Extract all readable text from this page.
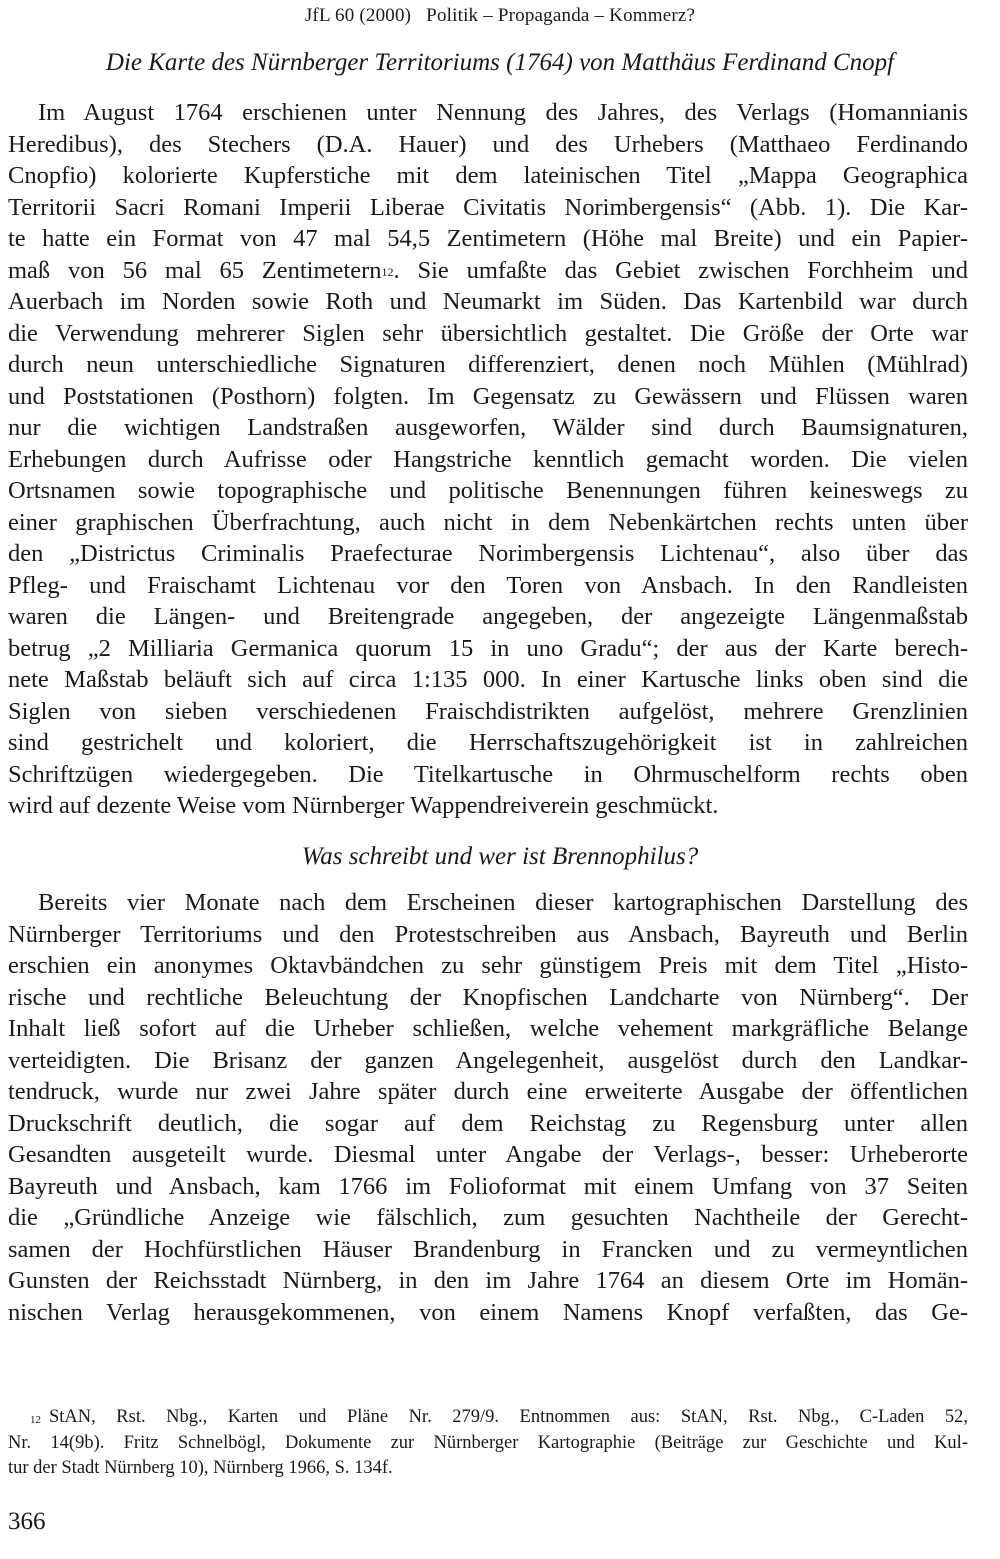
JfL 60 (2000) Politik – Propaganda – Kommerz?
Die Karte des Nürnberger Territoriums (1764) von Matthäus Ferdinand Cnopf
Im August 1764 erschienen unter Nennung des Jahres, des Verlags (Homannianis
Heredibus), des Stechers (D.A. Hauer) und des Urhebers (Matthaeo Ferdinando
Cnopfio) kolorierte Kupferstiche mit dem lateinischen Titel „Mappa Geographica
Territorii Sacri Romani Imperii Liberae Civitatis Norimbergensis“ (Abb. 1). Die Kar-
te hatte ein Format von 47 mal 54,5 Zentimetern (Höhe mal Breite) und ein Papier-
maß von 56 mal 65 Zentimetern$^{12}$. Sie umfaßte das Gebiet zwischen Forchheim und
Auerbach im Norden sowie Roth und Neumarkt im Süden. Das Kartenbild war durch
die Verwendung mehrerer Siglen sehr übersichtlich gestaltet. Die Größe der Orte war
durch neun unterschiedliche Signaturen differenziert, denen noch Mühlen (Mühlrad)
und Poststationen (Posthorn) folgten. Im Gegensatz zu Gewässern und Flüssen waren
nur die wichtigen Landstraßen ausgeworfen, Wälder sind durch Baumsignaturen,
Erhebungen durch Aufrisse oder Hangstriche kenntlich gemacht worden. Die vielen
Ortsnamen sowie topographische und politische Benennungen führen keineswegs zu
einer graphischen Überfrachtung, auch nicht in dem Nebenkärtchen rechts unten über
den „Districtus Criminalis Praefecturae Norimbergensis Lichtenau“, also über das
Pfleg- und Fraischamt Lichtenau vor den Toren von Ansbach. In den Randleisten
waren die Längen- und Breitengrade angegeben, der angezeigte Längenmaßstab
betrug „2 Milliaria Germanica quorum 15 in uno Gradu“; der aus der Karte berech-
nete Maßstab beläuft sich auf circa 1:135 000. In einer Kartusche links oben sind die
Siglen von sieben verschiedenen Fraischdistrikten aufgelöst, mehrere Grenzlinien
sind gestrichelt und koloriert, die Herrschaftszugehörigkeit ist in zahlreichen
Schriftzügen wiedergegeben. Die Titelkartusche in Ohrmuschelform rechts oben
wird auf dezente Weise vom Nürnberger Wappendreiverein geschmückt.
Was schreibt und wer ist Brennophilus?
Bereits vier Monate nach dem Erscheinen dieser kartographischen Darstellung des
Nürnberger Territoriums und den Protestschreiben aus Ansbach, Bayreuth und Berlin
erschien ein anonymes Oktavbändchen zu sehr günstigem Preis mit dem Titel „Histo-
rische und rechtliche Beleuchtung der Knopfischen Landcharte von Nürnberg“. Der
Inhalt ließ sofort auf die Urheber schließen, welche vehement markgräfliche Belange
verteidigten. Die Brisanz der ganzen Angelegenheit, ausgelöst durch den Landkar-
tendruck, wurde nur zwei Jahre später durch eine erweiterte Ausgabe der öffentlichen
Druckschrift deutlich, die sogar auf dem Reichstag zu Regensburg unter allen
Gesandten ausgeteilt wurde. Diesmal unter Angabe der Verlags-, besser: Urheberorte
Bayreuth und Ansbach, kam 1766 im Folioformat mit einem Umfang von 37 Seiten
die „Gründliche Anzeige wie fälschlich, zum gesuchten Nachtheile der Gerecht-
samen der Hochfürstlichen Häuser Brandenburg in Francken und zu vermeyntlichen
Gunsten der Reichsstadt Nürnberg, in den im Jahre 1764 an diesem Orte im Homän-
nischen Verlag herausgekommenen, von einem Namens Knopf verfaßten, das Ge-
$^{12}$ StAN, Rst. Nbg., Karten und Pläne Nr. 279/9. Entnommen aus: StAN, Rst. Nbg., C-Laden 52,
Nr. 14(9b). Fritz Schnelbögl, Dokumente zur Nürnberger Kartographie (Beiträge zur Geschichte und Kul-
tur der Stadt Nürnberg 10), Nürnberg 1966, S. 134f.
366
